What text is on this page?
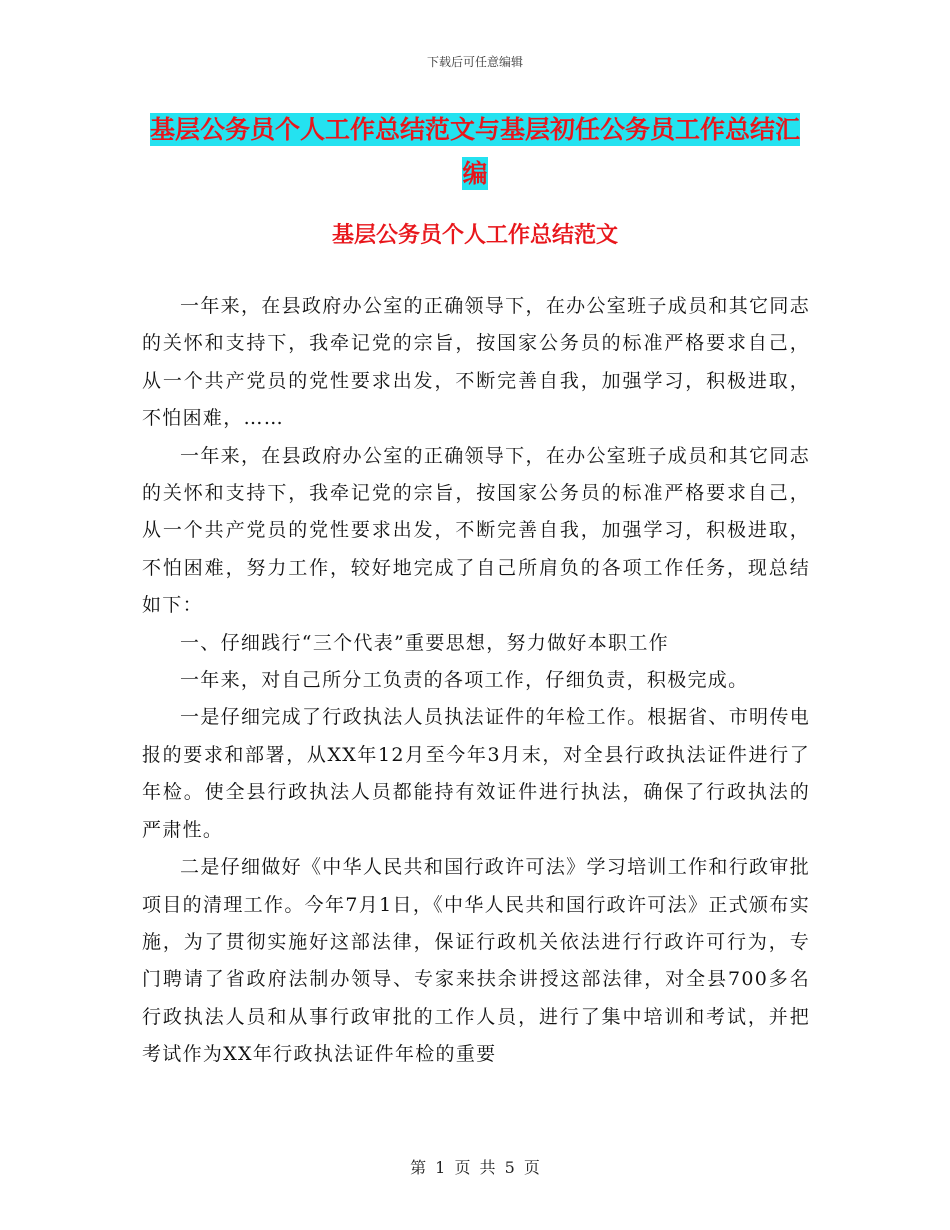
下载后可任意编辑
基层公务员个人工作总结范文与基层初任公务员工作总结汇编
基层公务员个人工作总结范文

一年来，在县政府办公室的正确领导下，在办公室班子成员和其它同志的关怀和支持下，我牵记党的宗旨，按国家公务员的标准严格要求自己，从一个共产党员的党性要求出发，不断完善自我，加强学习，积极进取，不怕困难，……

一年来，在县政府办公室的正确领导下，在办公室班子成员和其它同志的关怀和支持下，我牵记党的宗旨，按国家公务员的标准严格要求自己，从一个共产党员的党性要求出发，不断完善自我，加强学习，积极进取，不怕困难，努力工作，较好地完成了自己所肩负的各项工作任务，现总结如下：

一、仔细践行“三个代表”重要思想，努力做好本职工作

一年来，对自己所分工负责的各项工作，仔细负责，积极完成。

一是仔细完成了行政执法人员执法证件的年检工作。根据省、市明传电报的要求和部署，从XX年12月至今年3月末，对全县行政执法证件进行了年检。使全县行政执法人员都能持有效证件进行执法，确保了行政执法的严肃性。

二是仔细做好《中华人民共和国行政许可法》学习培训工作和行政审批项目的清理工作。今年7月1日，《中华人民共和国行政许可法》正式颁布实施，为了贯彻实施好这部法律，保证行政机关依法进行行政许可行为，专门聘请了省政府法制办领导、专家来扶余讲授这部法律，对全县700多名行政执法人员和从事行政审批的工作人员，进行了集中培训和考试，并把考试作为XX年行政执法证件年检的重要

第 1 页 共 5 页
